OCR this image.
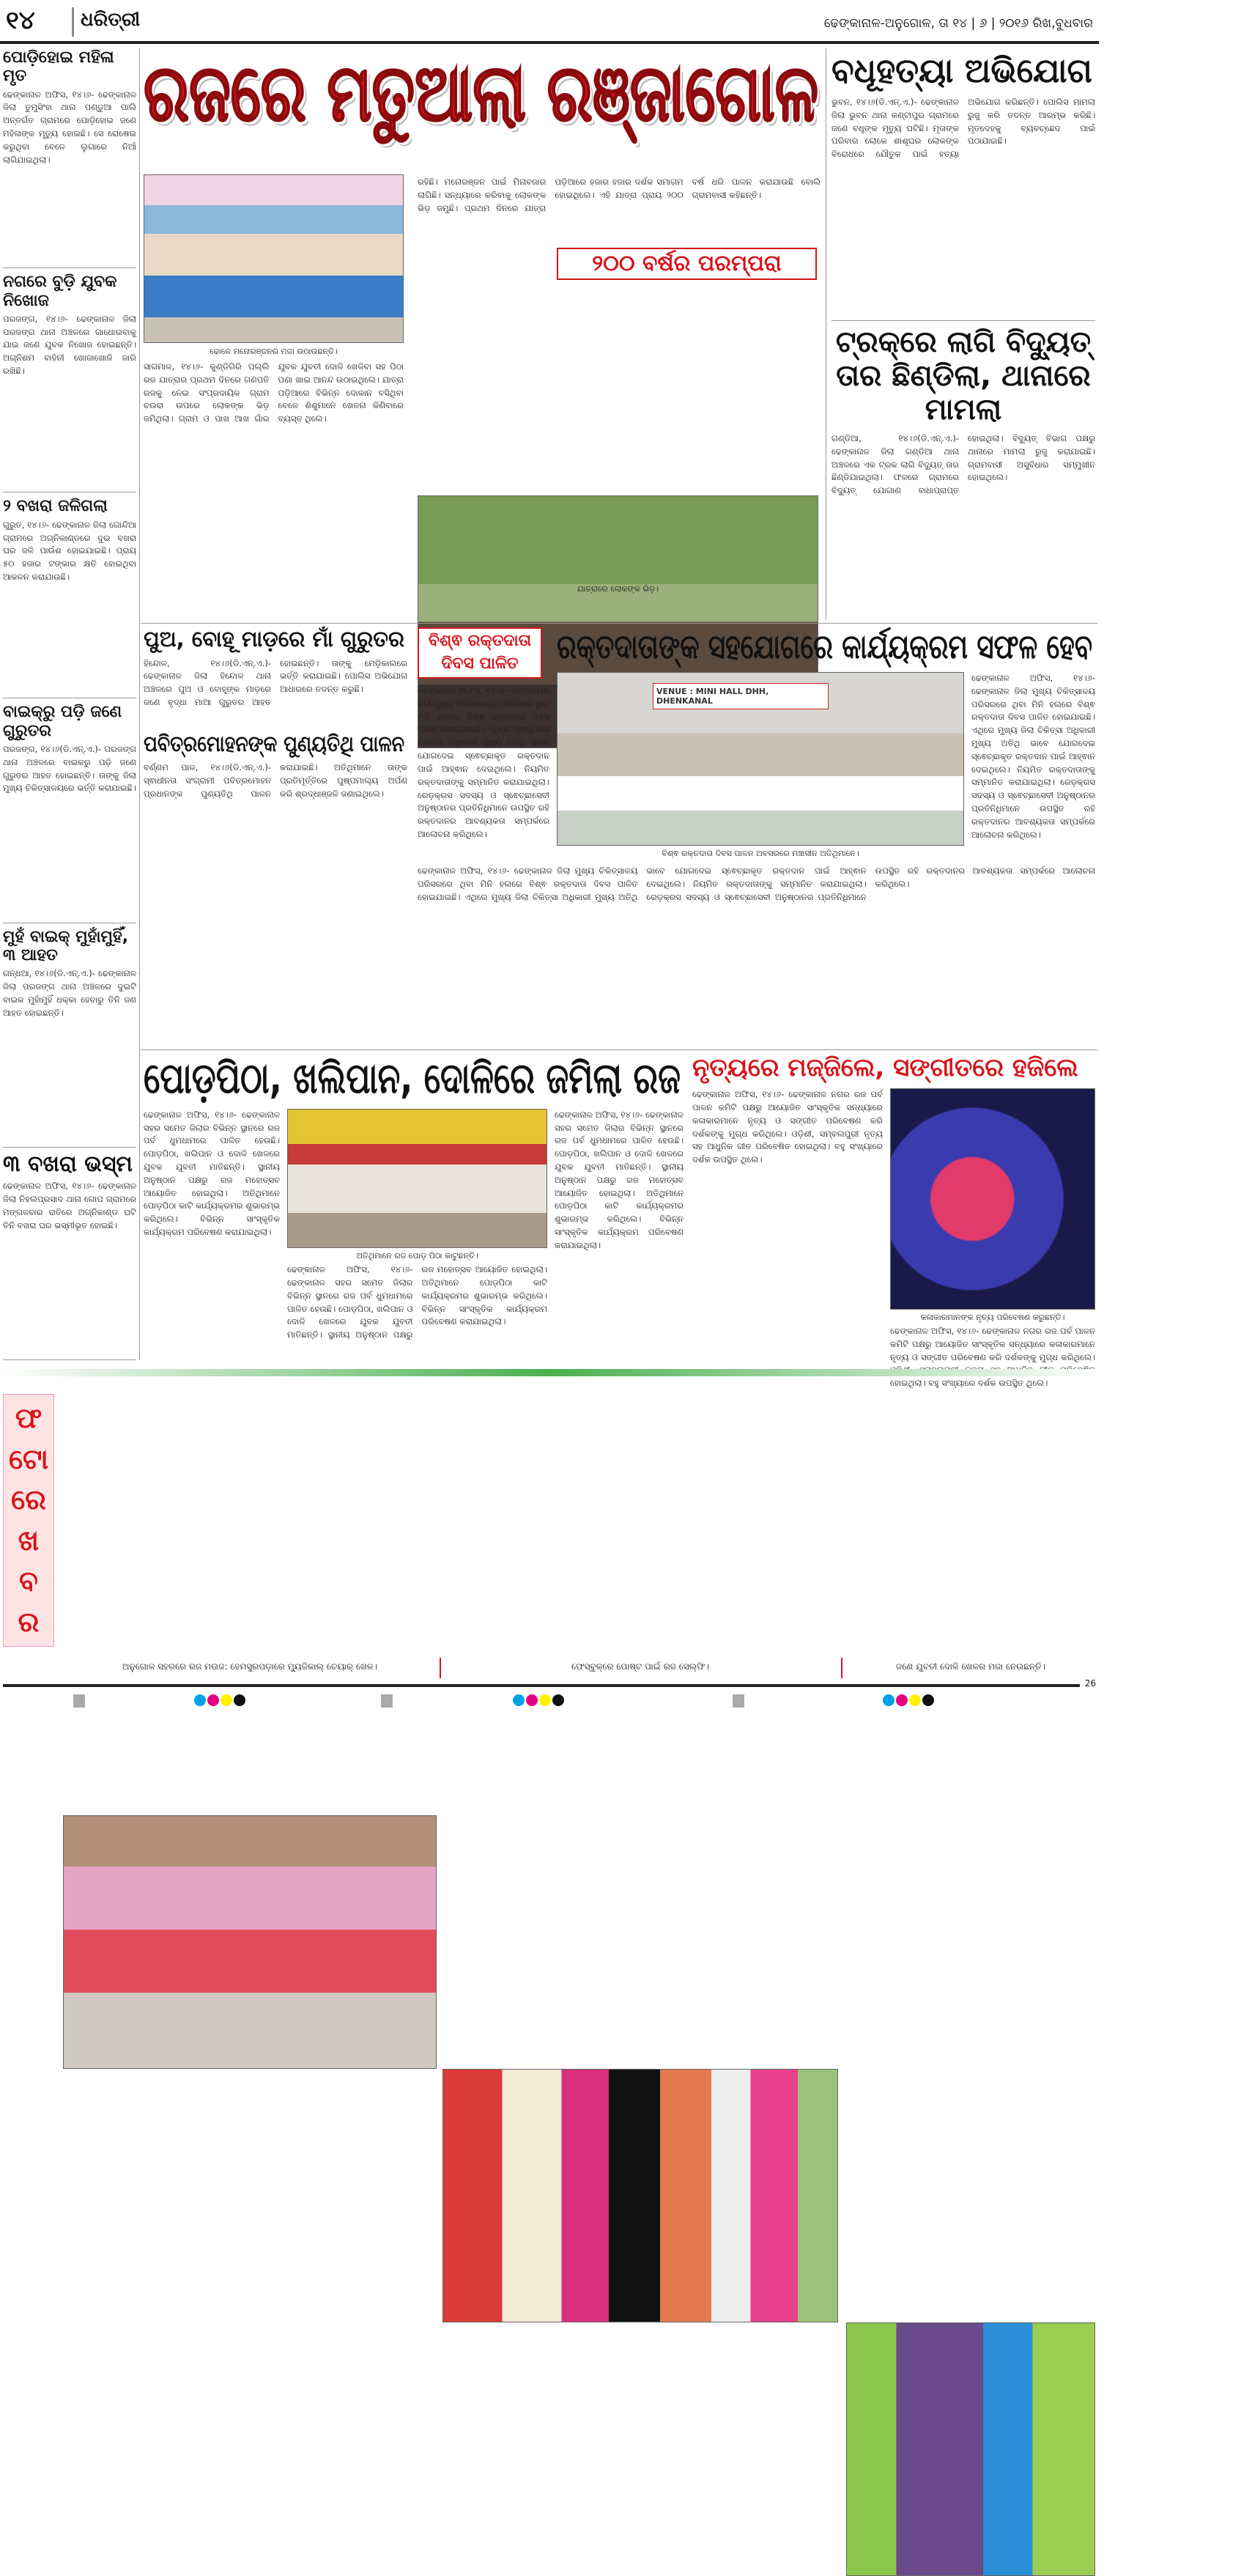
୧୪ ଧରିତ୍ରୀ	ଢେଙ୍କାନାଳ-ଅନୁଗୋଳ, ତା ୧୪ | ୬ | ୨୦୧୬ ରିଖ,ବୁଧବାର
ପୋଡ଼ିହୋଇ ମହିଳା ମୃତ
ଢେଙ୍କାନାଳ ଅଫିସ, ୧୪।୬- ଢେଙ୍କାନାଳ ଜିଲା ତୁମୁସିଂହା ଥାନା ପଣ୍ଡୁଆ ପାଲି ଅନ୍ତର୍ଗତ ଗ୍ରାମରେ ପୋଡ଼ିହୋଇ ଜଣେ ମହିଳାଙ୍କ ମୃତ୍ୟୁ ହୋଇଛି। ସେ ରୋଷେଇ କରୁଥିବା ବେଳେ ଲୁଗାରେ ନିଆଁ ଲାଗିଯାଇଥିଲା।
ନଗରେ ବୁଡ଼ି ଯୁବକ ନିଖୋଜ
ପରଜଙ୍ଗ, ୧୪।୬- ଢେଙ୍କାନାଳ ଜିଲା ପରଜଙ୍ଗ ଥାନା ଅଞ୍ଚଳରେ ଗାଧୋଇବାକୁ ଯାଇ ଜଣେ ଯୁବକ ନିଖୋଜ ହୋଇଛନ୍ତି। ଅଗ୍ନିଶମ ବାହିନୀ ଖୋଜାଖୋଜି ଜାରି ରଖିଛି।
୨ ବଖରା ଜଳିଗଲା
ଗୁରୁତ, ୧୪।୬- ଢେଙ୍କାନାଳ ଜିଲା ଗୋନ୍ଦିଆ ଗ୍ରାମରେ ଅଗ୍ନିକାଣ୍ଡରେ ଦୁଇ ବଖରା ଘର ଜଳି ପାଉଁଶ ହୋଇଯାଇଛି। ପ୍ରାୟ ୫୦ ହଜାର ଟଙ୍କାର କ୍ଷତି ହୋଇଥିବା ଆକଳନ କରାଯାଉଛି।
ବାଇକ୍‌ରୁ ପଡ଼ି ଜଣେ ଗୁରୁତର
ପରଜଙ୍ଗ, ୧୪।୬(ଡି.ଏନ୍.ଏ.)- ପରଜଙ୍ଗ ଥାନା ଅଞ୍ଚଳରେ ବାଇକରୁ ପଡ଼ି ଜଣେ ଗୁରୁତର ଆହତ ହୋଇଛନ୍ତି। ତାଙ୍କୁ ଜିଲା ମୁଖ୍ୟ ଚିକିତ୍ସାଳୟରେ ଭର୍ତ୍ତି କରାଯାଇଛି।
ମୁହଁ ବାଇକ୍ ମୁହାଁମୁହିଁ, ୩ ଆହତ
ଗନ୍ଧଆ, ୧୪।୬(ଡି.ଏନ୍.ଏ.)- ଢେଙ୍କାନାଳ ଜିଲା ପରଜଙ୍ଗ ଥାନା ଅଞ୍ଚଳରେ ଦୁଇଟି ବାଇକ ମୁହାଁମୁହିଁ ଧକ୍କା ହେବାରୁ ତିନି ଜଣ ଆହତ ହୋଇଛନ୍ତି।
୩ ବଖରା ଭସ୍ମ
ଢେଙ୍କାନାଳ ଅଫିସ, ୧୪।୬- ଢେଙ୍କାନାଳ ଜିଲା ନିହଲପ୍ରସାଦ ଥାନା ଗୋପ ଗ୍ରାମରେ ମଙ୍ଗଳବାର ରାତିରେ ଅଗ୍ନିକାଣ୍ଡ ଘଟି ତିନି ବଖରା ଘର ଭସ୍ମୀଭୂତ ହୋଇଛି।
ରଜରେ ମତୁଆଲା ରଞ୍ଜାଗୋଳ
ଢୋଳେ ମନୋରଞ୍ଜନର ମଜା ଉଠାଉଛନ୍ତି।
ସାଗମାଳ, ୧୪।୬- କୁଣ୍ଡିଗିରି ପଲ୍ଲି ରଜ ଯାତ୍ରାର ପ୍ରଥମ ଦିନରେ ଗଣପତି ରଜକୁ ନେଇ ସଂପ୍ରଦାୟିକ ଗ୍ରାମ ଚଉରା ଉପରେ ଲୋକଙ୍କ ଭିଡ଼ ଜମିଥିଲା। ଗ୍ରାମ ଓ ପାଖ ଆଖ ଗାଁର ଯୁବକ ଯୁବତୀ ଦୋଳି ଖେଳିବା ସହ ପିଠା ପଣା ଖାଇ ଆନନ୍ଦ ଉଠାଇଥିଲେ। ଯାତ୍ରା ପଡ଼ିଆରେ ବିଭିନ୍ନ ଦୋକାନ ବସିଥିବା ବେଳେ ଶିଶୁମାନେ ଖେଳନା କିଣିବାରେ ବ୍ୟସ୍ତ ଥିଲେ।
ରହିଛି। ମନୋରଞ୍ଜନ ପାଇଁ ମିନାବଜାର ଲାଗିଛି। ସନ୍ଧ୍ୟାରେ କରିବାକୁ ଲୋକଙ୍କ ଭିଡ଼ ଜମୁଛି। ପ୍ରଥମ ଦିନରେ ଯାତ୍ରା ପଡ଼ିଆରେ ହଜାର ହଜାର ଦର୍ଶକ ସମାଗମ ହୋଇଥିଲେ। ଏହି ଯାତ୍ରା ପ୍ରାୟ ୨୦୦ ବର୍ଷ ଧରି ପାଳନ କରାଯାଉଛି ବୋଲି ଗ୍ରାମବାସୀ କହିଛନ୍ତି।
୨୦୦ ବର୍ଷର ପରମ୍ପରା
ଯାତ୍ରାରେ ଲୋକଙ୍କ ଭିଡ଼।
ବଧୂହତ୍ୟା ଅଭିଯୋଗ
ଭୁବନ, ୧୪।୬(ଡି.ଏନ୍.ଏ.)- ଢେଙ୍କାନାଳ ଜିଲା ଭୁବନ ଥାନା କଣ୍ଟାପୁର ଗ୍ରାମରେ ଜଣେ ବଧୂଙ୍କ ମୃତ୍ୟୁ ଘଟିଛି। ମୃତାଙ୍କ ପରିବାର ଲୋକେ ଶାଶୂଘର ଲୋକଙ୍କ ବିରୋଧରେ ଯୌତୁକ ପାଇଁ ହତ୍ୟା ଅଭିଯୋଗ କରିଛନ୍ତି। ପୋଲିସ ମାମଲା ରୁଜୁ କରି ତଦନ୍ତ ଆରମ୍ଭ କରିଛି। ମୃତଦେହକୁ ବ୍ୟବଚ୍ଛେଦ ପାଇଁ ପଠାଯାଇଛି।
ଟ୍ରକ୍‌ରେ ଲାଗି ବିଦ୍ୟୁତ୍ ତାର ଛିଣ୍ଡିଲା, ଥାନାରେ ମାମଲା
ଗଣ୍ଡିଆ, ୧୪।୬(ଡି.ଏନ୍.ଏ.)- ଢେଙ୍କାନାଳ ଜିଲା ଗଣ୍ଡିଆ ଥାନା ଅଞ୍ଚଳରେ ଏକ ଟ୍ରକ ଲାଗି ବିଦ୍ୟୁତ୍ ତାର ଛିଣ୍ଡିଯାଇଥିଲା। ଫଳରେ ଗ୍ରାମରେ ବିଦ୍ୟୁତ୍ ଯୋଗାଣ ବାଧାପ୍ରାପ୍ତ ହୋଇଥିଲା। ବିଦ୍ୟୁତ୍ ବିଭାଗ ପକ୍ଷରୁ ଥାନାରେ ମାମଲା ରୁଜୁ କରାଯାଇଛି। ଗ୍ରାମବାସୀ ଅସୁବିଧାର ସମ୍ମୁଖୀନ ହୋଇଥିଲେ।
ପୁଅ, ବୋହୂ ମାଡ଼ରେ ମାଁ ଗୁରୁତର
ହିନ୍ଦୋଳ, ୧୪।୬(ଡି.ଏନ୍.ଏ.)- ଢେଙ୍କାନାଳ ଜିଲା ହିନ୍ଦୋଳ ଥାନା ଅଞ୍ଚଳରେ ପୁଅ ଓ ବୋହୂଙ୍କ ମାଡ଼ରେ ଜଣେ ବୃଦ୍ଧା ମାଆ ଗୁରୁତର ଆହତ ହୋଇଛନ୍ତି। ତାଙ୍କୁ ମେଡ଼ିକାଲରେ ଭର୍ତ୍ତି କରାଯାଇଛି। ପୋଲିସ ଅଭିଯୋଗ ଆଧାରରେ ତଦନ୍ତ କରୁଛି।
ପବିତ୍ରମୋହନଙ୍କ ପୁଣ୍ୟତିଥି ପାଳନ
ବର୍ଣ୍ଣମ ପାଳ, ୧୪।୬(ଡି.ଏନ୍.ଏ.)- ସ୍ଵାଧୀନତା ସଂଗ୍ରାମୀ ପବିତ୍ରମୋହନ ପ୍ରଧାନଙ୍କ ପୁଣ୍ୟତିଥି ପାଳନ କରାଯାଇଛି। ଅତିଥିମାନେ ତାଙ୍କ ପ୍ରତିମୂର୍ତ୍ତିରେ ପୁଷ୍ପମାଲ୍ୟ ଅର୍ପଣ କରି ଶ୍ରଦ୍ଧାଞ୍ଜଳି ଜଣାଇଥିଲେ।
ବିଶ୍ଵ ରକ୍ତଦାତା ଦିବସ ପାଳିତ
ଢେଙ୍କାନାଳ ଅଫିସ, ୧୪।୬- ଢେଙ୍କାନାଳ ଜିଲା ମୁଖ୍ୟ ଚିକିତ୍ସାଳୟ ପରିସରରେ ଥିବା ମିନି ହଲରେ ବିଶ୍ଵ ରକ୍ତଦାତା ଦିବସ ପାଳିତ ହୋଇଯାଇଛି। ଏଥିରେ ମୁଖ୍ୟ ଜିଲା ଚିକିତ୍ସା ଅଧିକାରୀ ମୁଖ୍ୟ ଅତିଥି ଭାବେ ଯୋଗଦେଇ ସ୍ଵେଚ୍ଛାକୃତ ରକ୍ତଦାନ ପାଇଁ ଆହ୍ଵାନ ଦେଇଥିଲେ। ନିୟମିତ ରକ୍ତଦାତାଙ୍କୁ ସମ୍ମାନିତ କରାଯାଇଥିଲା। ରେଡ଼କ୍ରସ ସଦସ୍ୟ ଓ ସ୍ଵେଚ୍ଛାସେବୀ ଅନୁଷ୍ଠାନର ପ୍ରତିନିଧିମାନେ ଉପସ୍ଥିତ ରହି ରକ୍ତଦାନର ଆବଶ୍ୟକତା ସମ୍ପର୍କରେ ଆଲୋଚନା କରିଥିଲେ।
ରକ୍ତଦାତାଙ୍କ ସହଯୋଗରେ କାର୍ଯ୍ୟକ୍ରମ ସଫଳ ହେବ
VENUE : MINI HALL DHH, DHENKANAL
ବିଶ୍ଵ ରକ୍ତଦାତା ଦିବସ ପାଳନ ଅବସରରେ ମଞ୍ଚାସୀନ ଅତିଥିମାନେ।
ଢେଙ୍କାନାଳ ଅଫିସ, ୧୪।୬- ଢେଙ୍କାନାଳ ଜିଲା ମୁଖ୍ୟ ଚିକିତ୍ସାଳୟ ପରିସରରେ ଥିବା ମିନି ହଲରେ ବିଶ୍ଵ ରକ୍ତଦାତା ଦିବସ ପାଳିତ ହୋଇଯାଇଛି। ଏଥିରେ ମୁଖ୍ୟ ଜିଲା ଚିକିତ୍ସା ଅଧିକାରୀ ମୁଖ୍ୟ ଅତିଥି ଭାବେ ଯୋଗଦେଇ ସ୍ଵେଚ୍ଛାକୃତ ରକ୍ତଦାନ ପାଇଁ ଆହ୍ଵାନ ଦେଇଥିଲେ। ନିୟମିତ ରକ୍ତଦାତାଙ୍କୁ ସମ୍ମାନିତ କରାଯାଇଥିଲା। ରେଡ଼କ୍ରସ ସଦସ୍ୟ ଓ ସ୍ଵେଚ୍ଛାସେବୀ ଅନୁଷ୍ଠାନର ପ୍ରତିନିଧିମାନେ ଉପସ୍ଥିତ ରହି ରକ୍ତଦାନର ଆବଶ୍ୟକତା ସମ୍ପର୍କରେ ଆଲୋଚନା କରିଥିଲେ।
ଢେଙ୍କାନାଳ ଅଫିସ, ୧୪।୬- ଢେଙ୍କାନାଳ ଜିଲା ମୁଖ୍ୟ ଚିକିତ୍ସାଳୟ ପରିସରରେ ଥିବା ମିନି ହଲରେ ବିଶ୍ଵ ରକ୍ତଦାତା ଦିବସ ପାଳିତ ହୋଇଯାଇଛି। ଏଥିରେ ମୁଖ୍ୟ ଜିଲା ଚିକିତ୍ସା ଅଧିକାରୀ ମୁଖ୍ୟ ଅତିଥି ଭାବେ ଯୋଗଦେଇ ସ୍ଵେଚ୍ଛାକୃତ ରକ୍ତଦାନ ପାଇଁ ଆହ୍ଵାନ ଦେଇଥିଲେ। ନିୟମିତ ରକ୍ତଦାତାଙ୍କୁ ସମ୍ମାନିତ କରାଯାଇଥିଲା। ରେଡ଼କ୍ରସ ସଦସ୍ୟ ଓ ସ୍ଵେଚ୍ଛାସେବୀ ଅନୁଷ୍ଠାନର ପ୍ରତିନିଧିମାନେ ଉପସ୍ଥିତ ରହି ରକ୍ତଦାନର ଆବଶ୍ୟକତା ସମ୍ପର୍କରେ ଆଲୋଚନା କରିଥିଲେ।
ପୋଡ଼ପିଠା, ଖଲିପାନ, ଦୋଳିରେ ଜମିଲା ରଜ
ଢେଙ୍କାନାଳ ଅଫିସ, ୧୪।୬- ଢେଙ୍କାନାଳ ସହର ସମେତ ଜିଲାର ବିଭିନ୍ନ ସ୍ଥାନରେ ରଜ ପର୍ବ ଧୁମଧାମରେ ପାଳିତ ହେଉଛି। ପୋଡ଼ପିଠା, ଖଲିପାନ ଓ ଦୋଳି ଖେଳରେ ଯୁବକ ଯୁବତୀ ମାତିଛନ୍ତି। ସ୍ଥାନୀୟ ଅନୁଷ୍ଠାନ ପକ୍ଷରୁ ରଜ ମହୋତ୍ସବ ଆୟୋଜିତ ହୋଇଥିଲା। ଅତିଥିମାନେ ପୋଡ଼ପିଠା କାଟି କାର୍ଯ୍ୟକ୍ରମର ଶୁଭାରମ୍ଭ କରିଥିଲେ। ବିଭିନ୍ନ ସାଂସ୍କୃତିକ କାର୍ଯ୍ୟକ୍ରମ ପରିବେଷଣ କରାଯାଇଥିଲା।
ଅତିଥିମାନେ ରଜ ପୋଡ଼ ପିଠା କାଟୁଛନ୍ତି।
ଢେଙ୍କାନାଳ ଅଫିସ, ୧୪।୬- ଢେଙ୍କାନାଳ ସହର ସମେତ ଜିଲାର ବିଭିନ୍ନ ସ୍ଥାନରେ ରଜ ପର୍ବ ଧୁମଧାମରେ ପାଳିତ ହେଉଛି। ପୋଡ଼ପିଠା, ଖଲିପାନ ଓ ଦୋଳି ଖେଳରେ ଯୁବକ ଯୁବତୀ ମାତିଛନ୍ତି। ସ୍ଥାନୀୟ ଅନୁଷ୍ଠାନ ପକ୍ଷରୁ ରଜ ମହୋତ୍ସବ ଆୟୋଜିତ ହୋଇଥିଲା। ଅତିଥିମାନେ ପୋଡ଼ପିଠା କାଟି କାର୍ଯ୍ୟକ୍ରମର ଶୁଭାରମ୍ଭ କରିଥିଲେ। ବିଭିନ୍ନ ସାଂସ୍କୃତିକ କାର୍ଯ୍ୟକ୍ରମ ପରିବେଷଣ କରାଯାଇଥିଲା।
ଢେଙ୍କାନାଳ ଅଫିସ, ୧୪।୬- ଢେଙ୍କାନାଳ ସହର ସମେତ ଜିଲାର ବିଭିନ୍ନ ସ୍ଥାନରେ ରଜ ପର୍ବ ଧୁମଧାମରେ ପାଳିତ ହେଉଛି। ପୋଡ଼ପିଠା, ଖଲିପାନ ଓ ଦୋଳି ଖେଳରେ ଯୁବକ ଯୁବତୀ ମାତିଛନ୍ତି। ସ୍ଥାନୀୟ ଅନୁଷ୍ଠାନ ପକ୍ଷରୁ ରଜ ମହୋତ୍ସବ ଆୟୋଜିତ ହୋଇଥିଲା। ଅତିଥିମାନେ ପୋଡ଼ପିଠା କାଟି କାର୍ଯ୍ୟକ୍ରମର ଶୁଭାରମ୍ଭ କରିଥିଲେ। ବିଭିନ୍ନ ସାଂସ୍କୃତିକ କାର୍ଯ୍ୟକ୍ରମ ପରିବେଷଣ କରାଯାଇଥିଲା।
ନୃତ୍ୟରେ ମଜ୍ଜିଲେ, ସଙ୍ଗୀତରେ ହଜିଲେ
ଢେଙ୍କାନାଳ ଅଫିସ, ୧୪।୬- ଢେଙ୍କାନାଳ ନଗର ରଜ ପର୍ବ ପାଳନ କମିଟି ପକ୍ଷରୁ ଆୟୋଜିତ ସାଂସ୍କୃତିକ ସନ୍ଧ୍ୟାରେ କଳାକାରମାନେ ନୃତ୍ୟ ଓ ସଙ୍ଗୀତ ପରିବେଷଣ କରି ଦର୍ଶକଙ୍କୁ ମୁଗ୍ଧ କରିଥିଲେ। ଓଡ଼ିଶୀ, ସମ୍ବଲପୁରୀ ନୃତ୍ୟ ସହ ଆଧୁନିକ ଗୀତ ପରିବେଷିତ ହୋଇଥିଲା। ବହୁ ସଂଖ୍ୟାରେ ଦର୍ଶକ ଉପସ୍ଥିତ ଥିଲେ।
କଳାକାରମାନଙ୍କ ନୃତ୍ୟ ପରିବେଷଣ କରୁଛନ୍ତି।
ଢେଙ୍କାନାଳ ଅଫିସ, ୧୪।୬- ଢେଙ୍କାନାଳ ନଗର ରଜ ପର୍ବ ପାଳନ କମିଟି ପକ୍ଷରୁ ଆୟୋଜିତ ସାଂସ୍କୃତିକ ସନ୍ଧ୍ୟାରେ କଳାକାରମାନେ ନୃତ୍ୟ ଓ ସଙ୍ଗୀତ ପରିବେଷଣ କରି ଦର୍ଶକଙ୍କୁ ମୁଗ୍ଧ କରିଥିଲେ। ହୋଇଥିଲା। ବହୁ ସଂଖ୍ୟାରେ ଦର୍ଶକ ଉପସ୍ଥିତ ଥିଲେ।
ଫ
ଟୋ
ରେ
ଖ
ବ
ର
ଅନୁଗୋଳ ସହରରେ ରଜ ମଉଜ: ହେମସୁରପଡ଼ାରେ ମ୍ୟୁଜିକାଲ୍ ଚେୟାର୍ ଖେଳ।	ଫେସ୍‌ବୁକ୍‌ରେ ପୋଷ୍ଟ ପାଇଁ ରଜ ସେଲ୍‌ଫି।	ଜଣେ ଯୁବତୀ ଦୋଳି ଖେଳର ମଜା ନେଉଛନ୍ତି।
26
